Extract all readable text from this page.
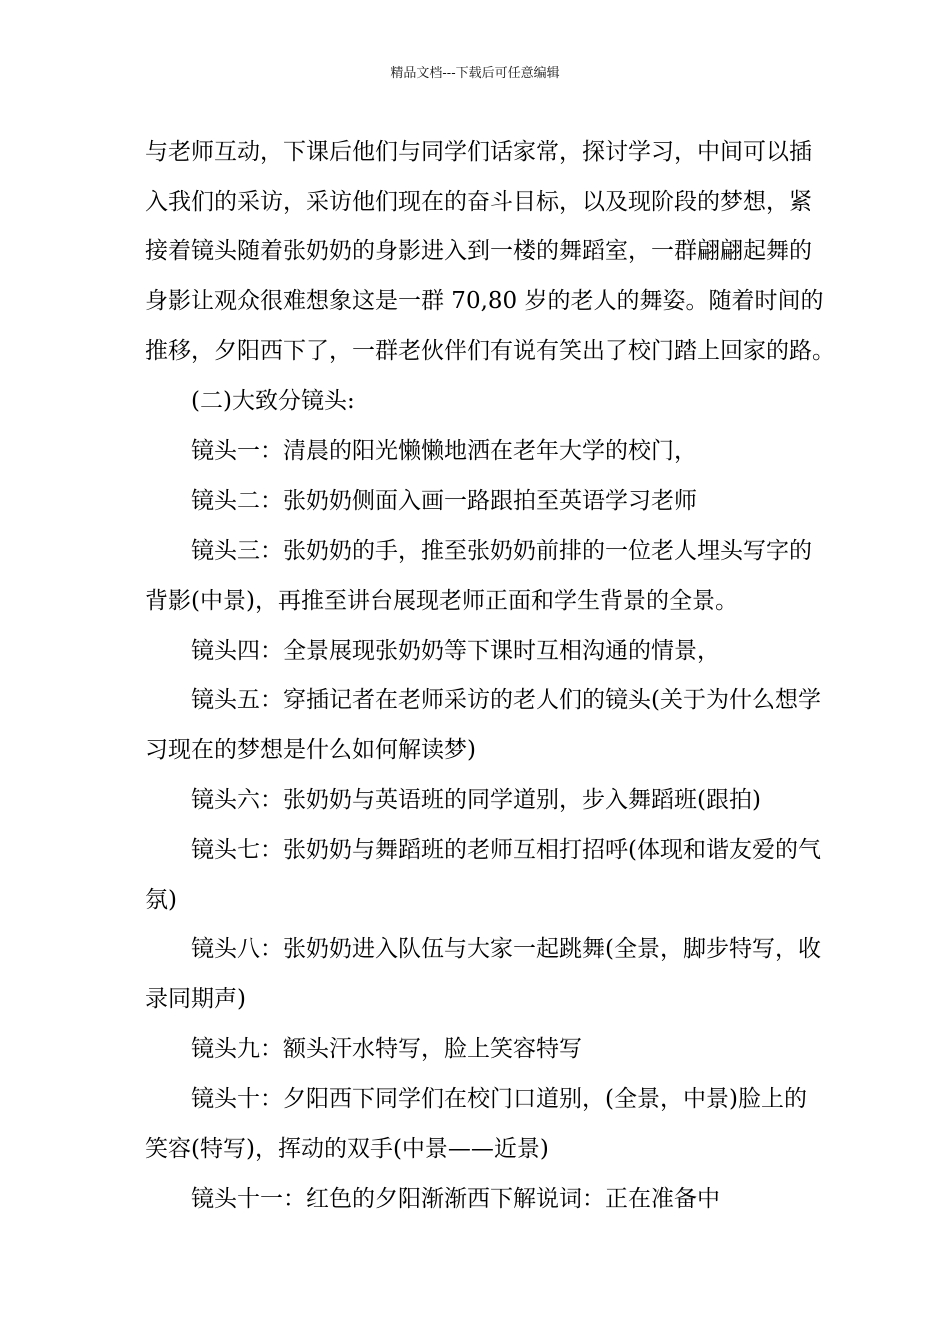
精品文档---下载后可任意编辑
与老师互动，下课后他们与同学们话家常，探讨学习，中间可以插
入我们的采访，采访他们现在的奋斗目标，以及现阶段的梦想，紧
接着镜头随着张奶奶的身影进入到一楼的舞蹈室，一群翩翩起舞的
身影让观众很难想象这是一群 70,80 岁的老人的舞姿。随着时间的
推移，夕阳西下了，一群老伙伴们有说有笑出了校门踏上回家的路。
(二)大致分镜头:
镜头一：清晨的阳光懒懒地洒在老年大学的校门，
镜头二：张奶奶侧面入画一路跟拍至英语学习老师
镜头三：张奶奶的手，推至张奶奶前排的一位老人埋头写字的
背影(中景)，再推至讲台展现老师正面和学生背景的全景。
镜头四：全景展现张奶奶等下课时互相沟通的情景，
镜头五：穿插记者在老师采访的老人们的镜头(关于为什么想学
习现在的梦想是什么如何解读梦)
镜头六：张奶奶与英语班的同学道别，步入舞蹈班(跟拍)
镜头七：张奶奶与舞蹈班的老师互相打招呼(体现和谐友爱的气
氛)
镜头八：张奶奶进入队伍与大家一起跳舞(全景，脚步特写，收
录同期声)
镜头九：额头汗水特写，脸上笑容特写
镜头十：夕阳西下同学们在校门口道别，(全景，中景)脸上的
笑容(特写)，挥动的双手(中景——近景)
镜头十一：红色的夕阳渐渐西下解说词：正在准备中
